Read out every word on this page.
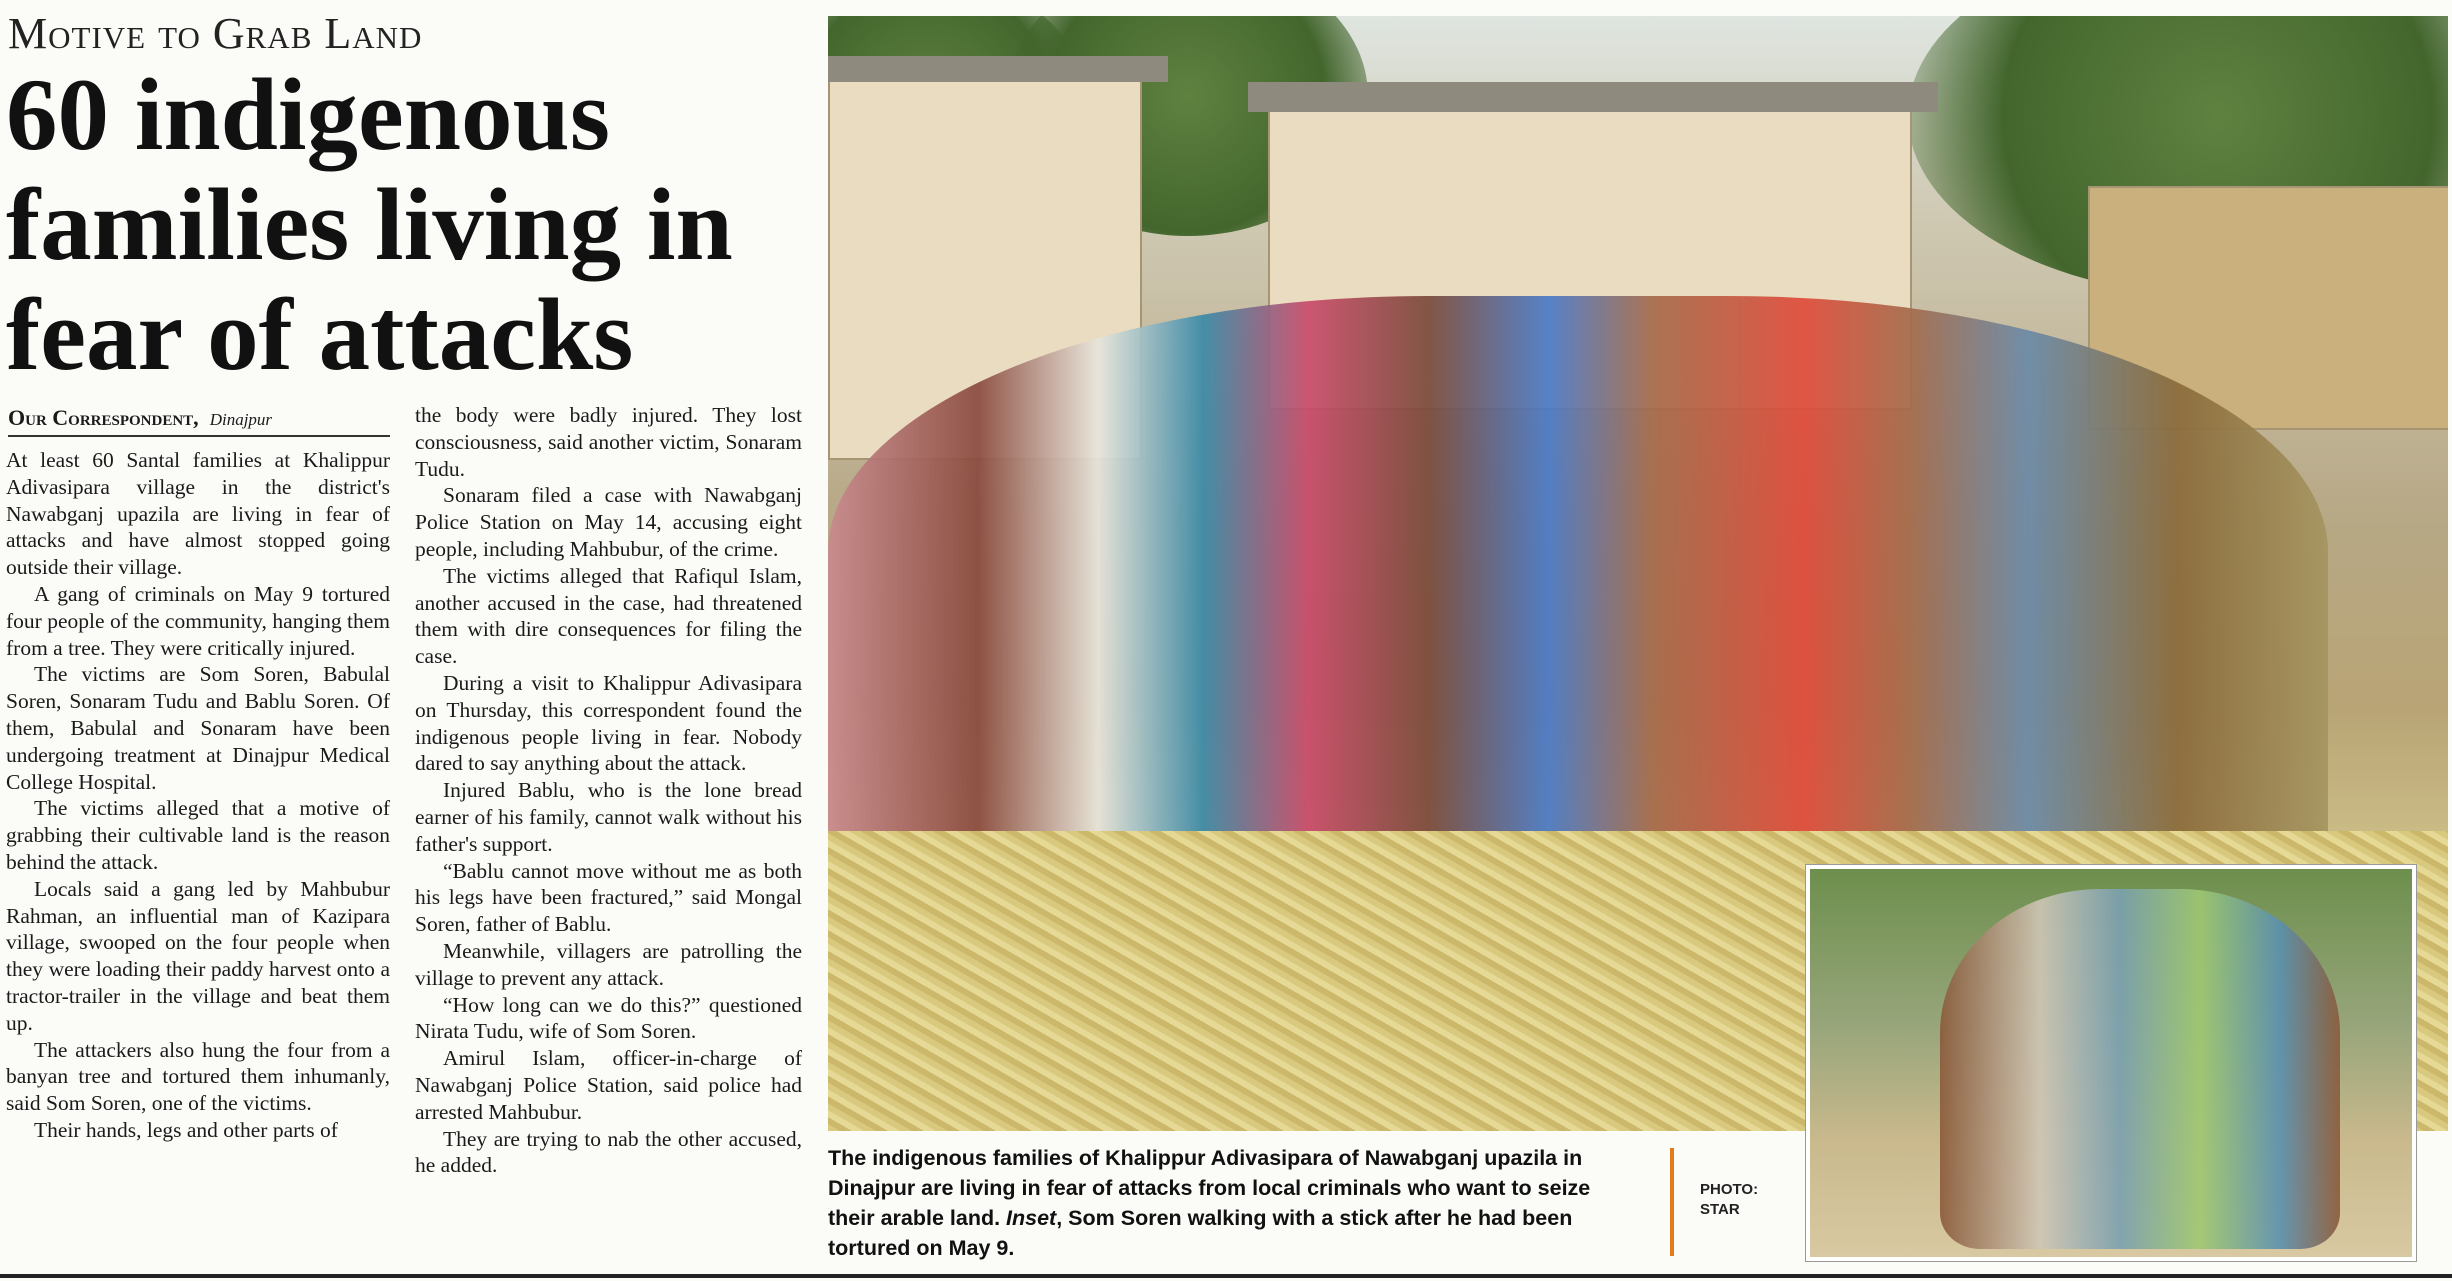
Motive to Grab Land
60 indigenous families living in fear of attacks
Our Correspondent, Dinajpur

At least 60 Santal families at Khalippur Adivasipara village in the district's Nawabganj upazila are living in fear of attacks and have almost stopped going outside their village.

A gang of criminals on May 9 tortured four people of the community, hanging them from a tree. They were critically injured.

The victims are Som Soren, Babulal Soren, Sonaram Tudu and Bablu Soren. Of them, Babulal and Sonaram have been undergoing treatment at Dinajpur Medical College Hospital.

The victims alleged that a motive of grabbing their cultivable land is the reason behind the attack.

Locals said a gang led by Mahbubur Rahman, an influential man of Kazipara village, swooped on the four people when they were loading their paddy harvest onto a tractor-trailer in the village and beat them up.

The attackers also hung the four from a banyan tree and tortured them inhumanly, said Som Soren, one of the victims.

Their hands, legs and other parts of

the body were badly injured. They lost consciousness, said another victim, Sonaram Tudu.

Sonaram filed a case with Nawabganj Police Station on May 14, accusing eight people, including Mahbubur, of the crime.

The victims alleged that Rafiqul Islam, another accused in the case, had threatened them with dire consequences for filing the case.

During a visit to Khalippur Adivasipara on Thursday, this correspondent found the indigenous people living in fear. Nobody dared to say anything about the attack.

Injured Bablu, who is the lone bread earner of his family, cannot walk without his father's support.

“Bablu cannot move without me as both his legs have been fractured,” said Mongal Soren, father of Bablu.

Meanwhile, villagers are patrolling the village to prevent any attack.

“How long can we do this?” questioned Nirata Tudu, wife of Som Soren.

Amirul Islam, officer-in-charge of Nawabganj Police Station, said police had arrested Mahbubur.

They are trying to nab the other accused, he added.	The indigenous families of Khalippur Adivasipara of Nawabganj upazila in Dinajpur are living in fear of attacks from local criminals who want to seize their arable land. Inset, Som Soren walking with a stick after he had been tortured on May 9.
PHOTO:
STAR
